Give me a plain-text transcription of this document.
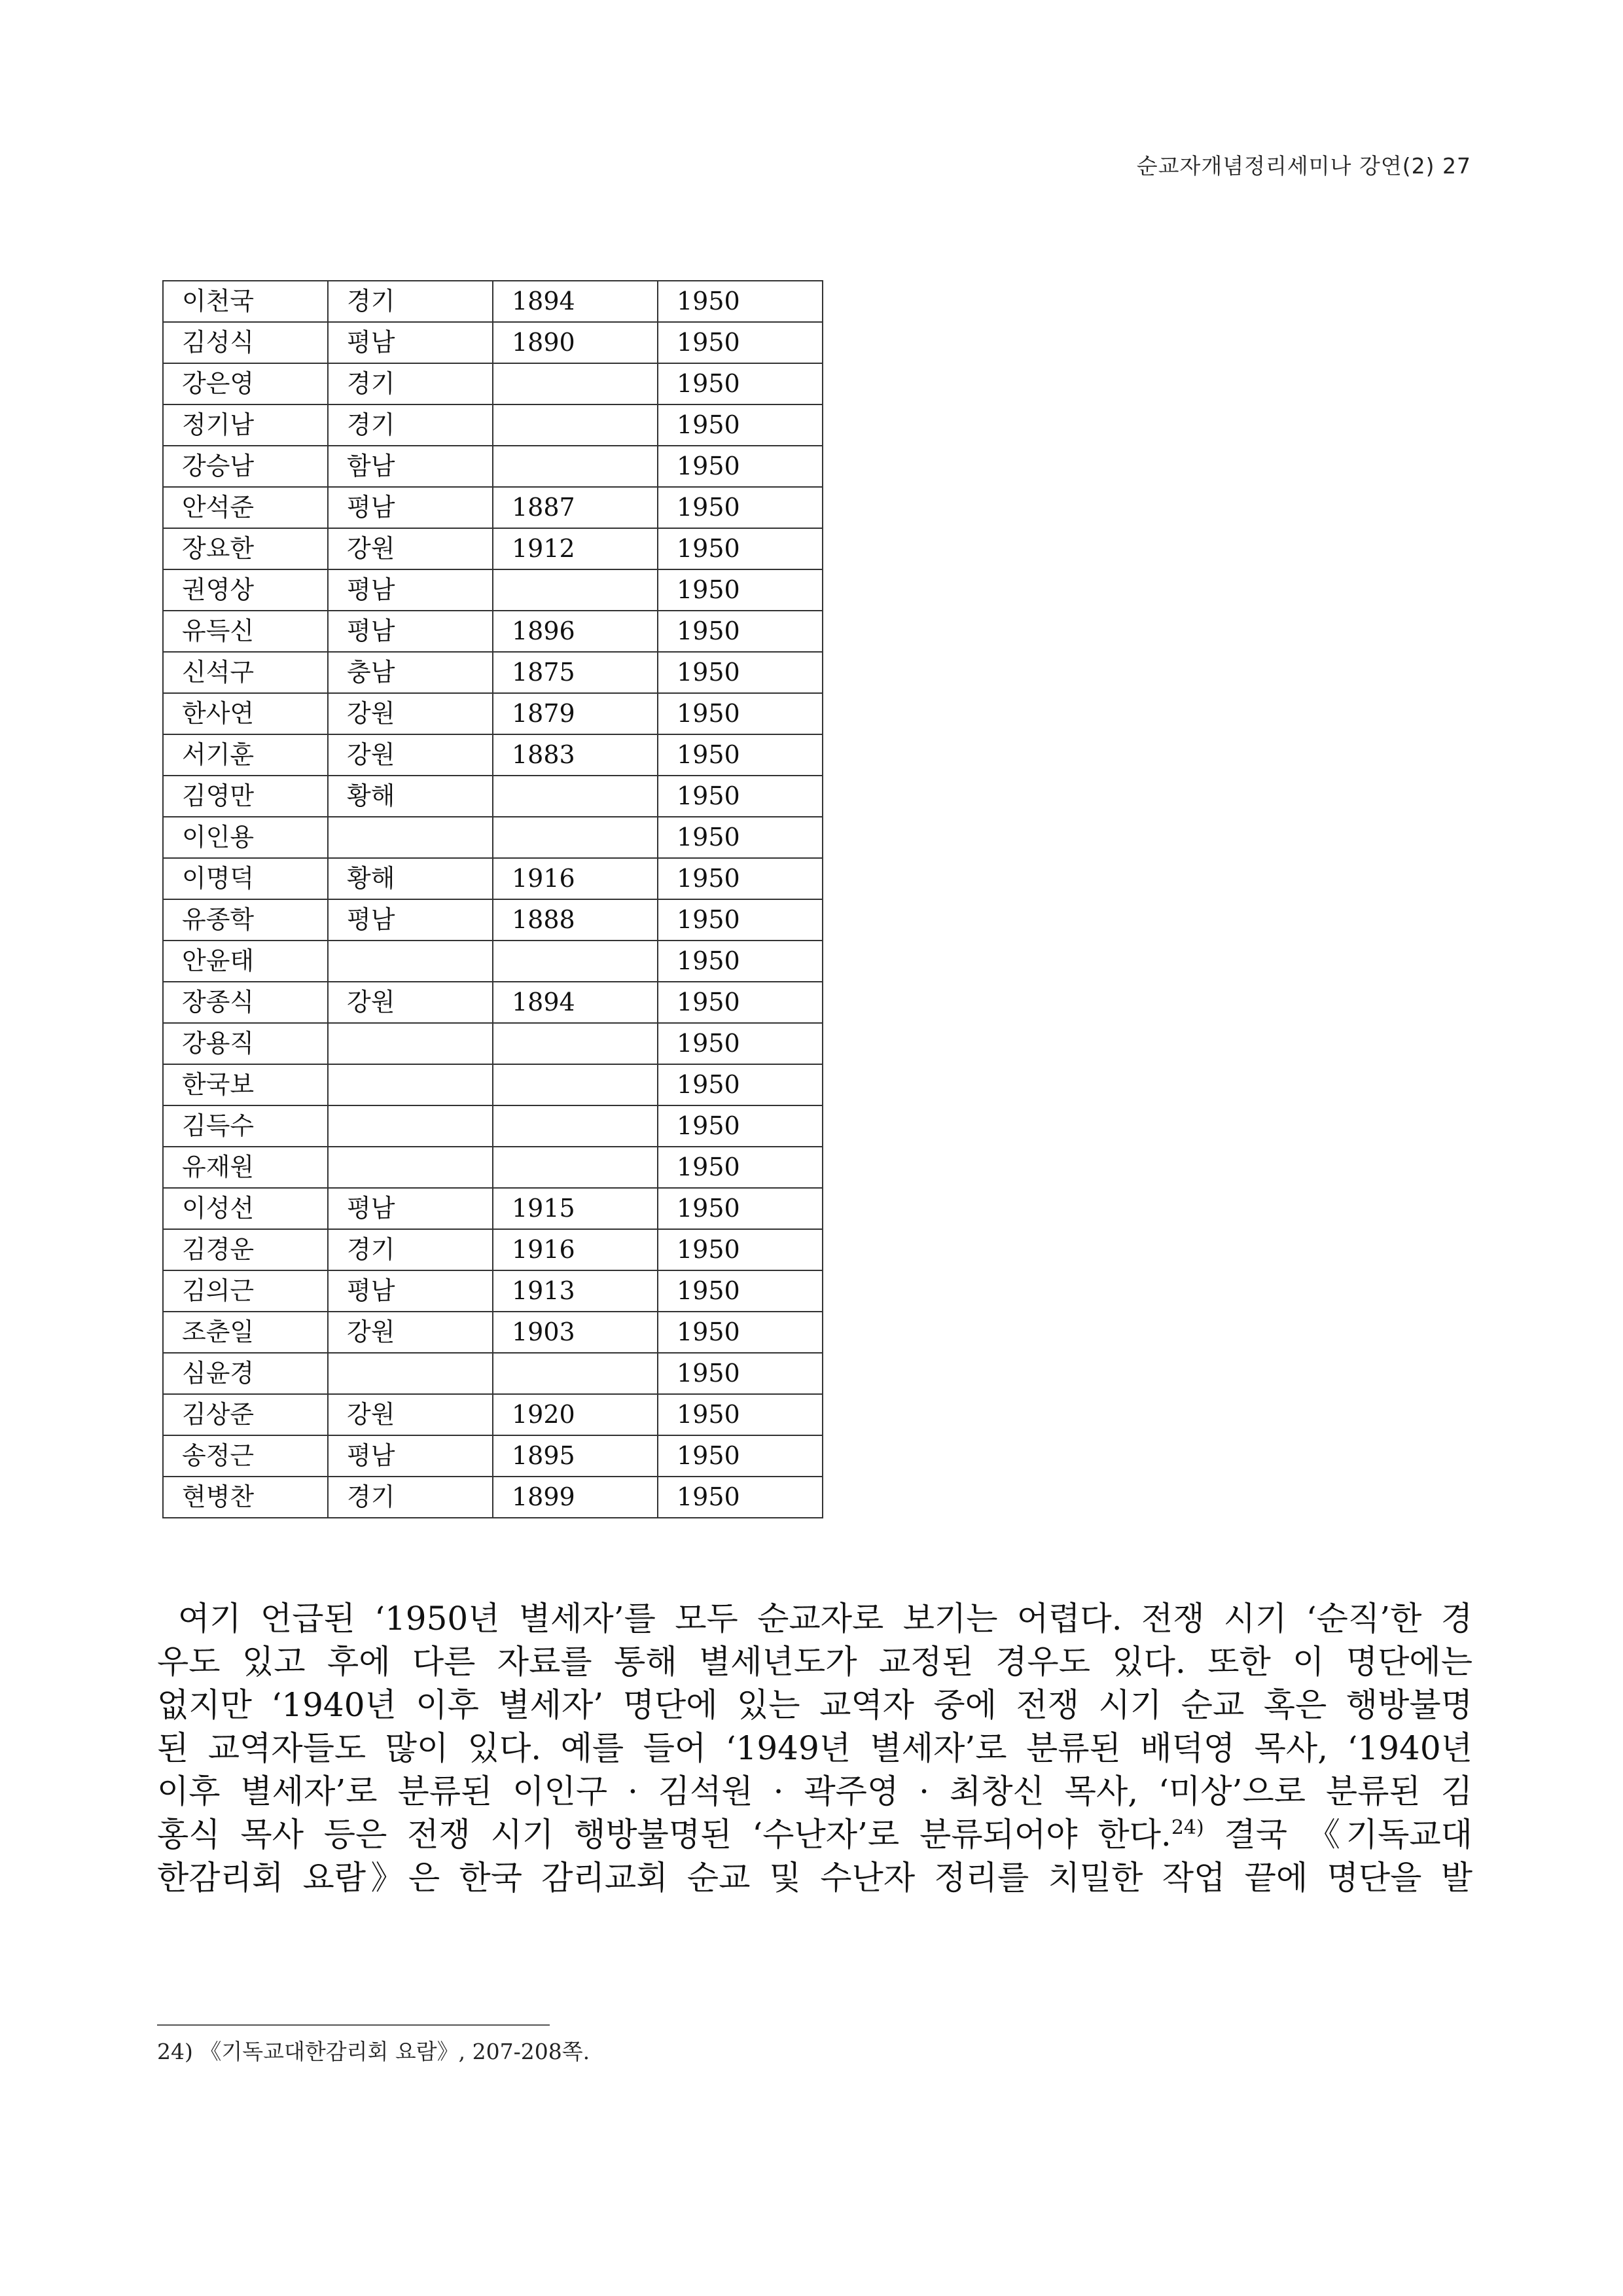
순교자개념정리세미나 강연(2) 27
이천국	경기	1894	1950
김성식	평남	1890	1950
강은영	경기		1950
정기남	경기		1950
강승남	함남		1950
안석준	평남	1887	1950
장요한	강원	1912	1950
권영상	평남		1950
유득신	평남	1896	1950
신석구	충남	1875	1950
한사연	강원	1879	1950
서기훈	강원	1883	1950
김영만	황해		1950
이인용			1950
이명덕	황해	1916	1950
유종학	평남	1888	1950
안윤태			1950
장종식	강원	1894	1950
강용직			1950
한국보			1950
김득수			1950
유재원			1950
이성선	평남	1915	1950
김경운	경기	1916	1950
김의근	평남	1913	1950
조춘일	강원	1903	1950
심윤경			1950
김상준	강원	1920	1950
송정근	평남	1895	1950
현병찬	경기	1899	1950
여기 언급된 ‘1950년 별세자’를 모두 순교자로 보기는 어렵다. 전쟁 시기 ‘순직’한 경
우도 있고 후에 다른 자료를 통해 별세년도가 교정된 경우도 있다. 또한 이 명단에는
없지만 ‘1940년 이후 별세자’ 명단에 있는 교역자 중에 전쟁 시기 순교 혹은 행방불명
된 교역자들도 많이 있다. 예를 들어 ‘1949년 별세자’로 분류된 배덕영 목사, ‘1940년
이후 별세자’로 분류된 이인구 · 김석원 · 곽주영 · 최창신 목사, ‘미상’으로 분류된 김
홍식 목사 등은 전쟁 시기 행방불명된 ‘수난자’로 분류되어야 한다.$^{24)}$ 결국 《기독교대
한감리회 요람》은 한국 감리교회 순교 및 수난자 정리를 치밀한 작업 끝에 명단을 발
24) 《기독교대한감리회 요람》, 207-208쪽.
